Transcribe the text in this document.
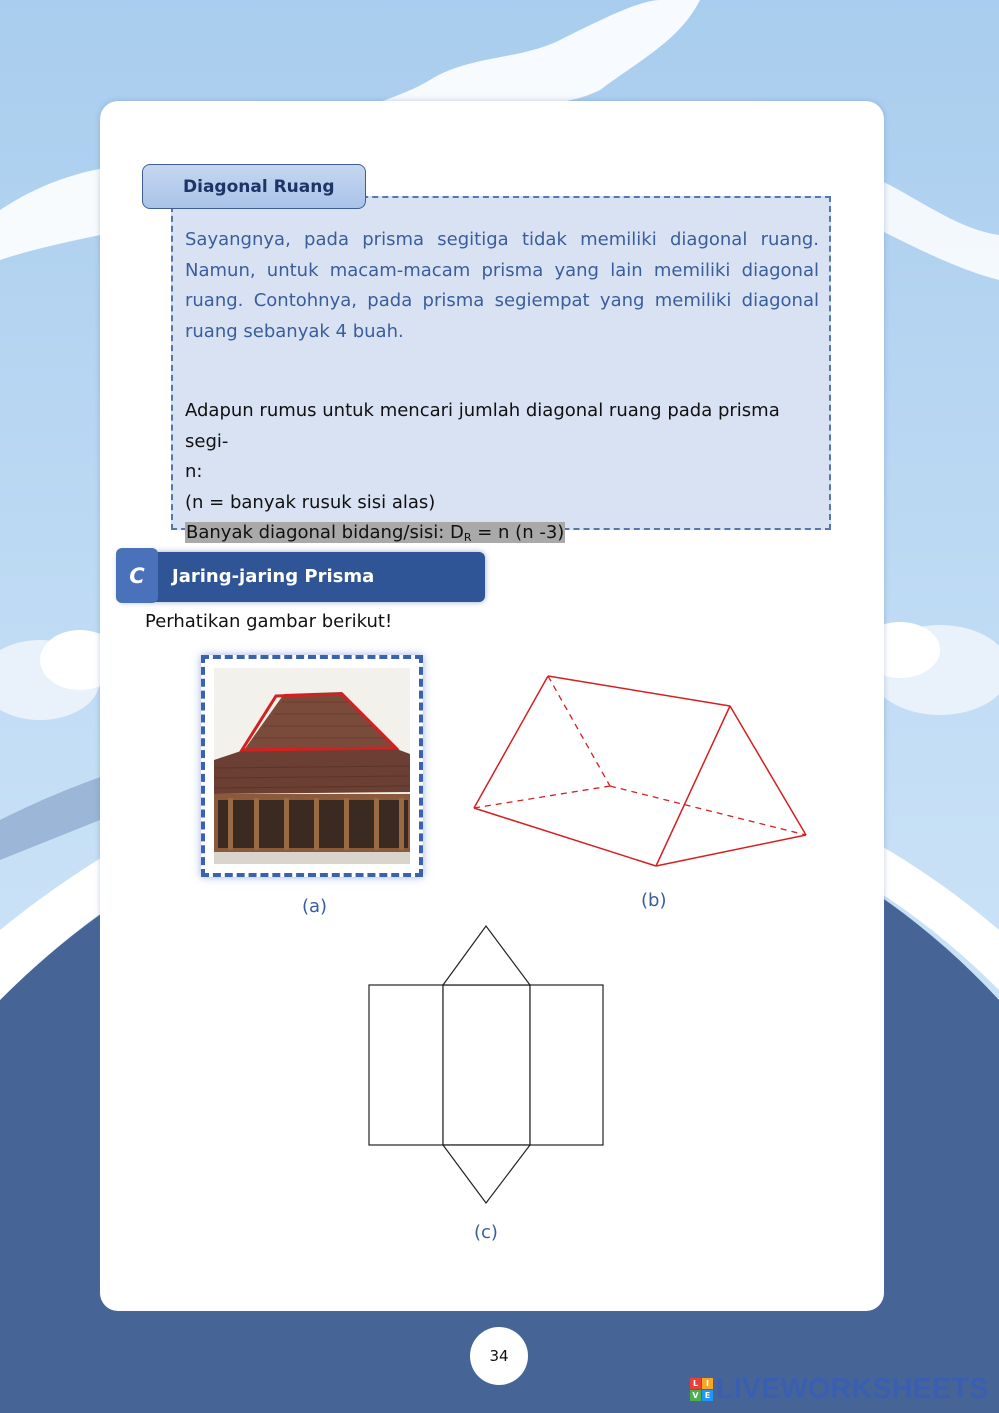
Diagonal Ruang

Sayangnya, pada prisma segitiga tidak memiliki diagonal ruang. Namun, untuk macam-macam prisma yang lain memiliki diagonal ruang. Contohnya, pada prisma segiempat yang memiliki diagonal ruang sebanyak 4 buah.

Adapun rumus untuk mencari jumlah diagonal ruang pada prisma segi-
n:
(n = banyak rusuk sisi alas)
Banyak diagonal bidang/sisi: $D_R = n$ (n -3)
C	Jaring-jaring Prisma
Perhatikan gambar berikut!
(a)	(b)
(c)
34
L I
V E LIVEWORKSHEETS
